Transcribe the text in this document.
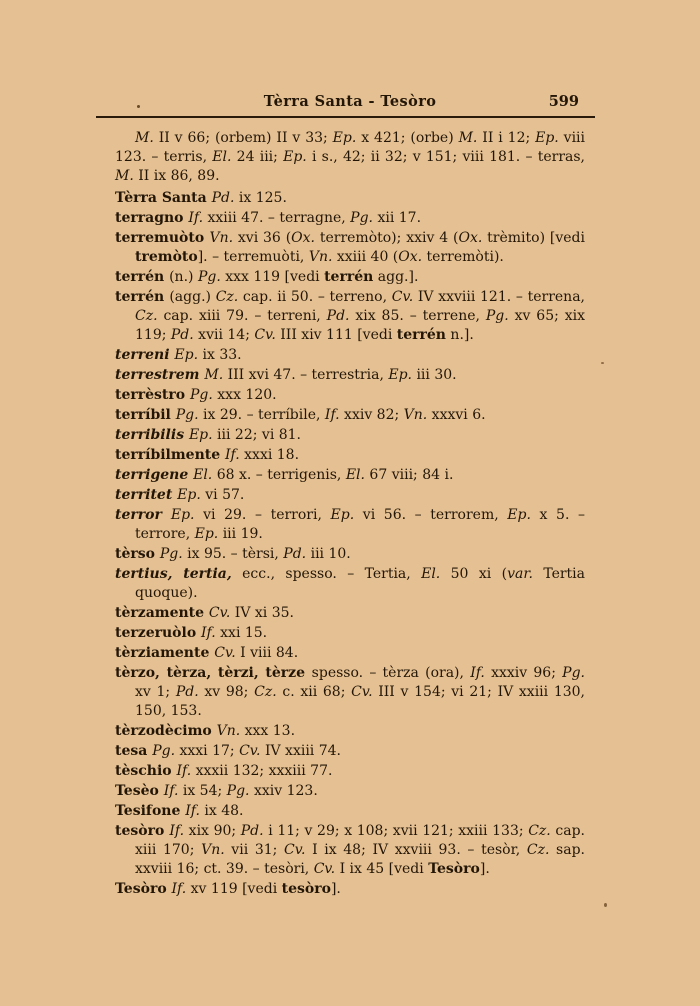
Tèrra Santa - Tesòro	599

M. II v 66; (orbem) II v 33; Ep. x 421; (orbe) M. II i 12; Ep. viii 123. – terris, El. 24 iii; Ep. i s., 42; ii 32; v 151; viii 181. – terras, M. II ix 86, 89.

Tèrra Santa Pd. ix 125.

terragno If. xxiii 47. – terragne, Pg. xii 17.

terremuòto Vn. xvi 36 (Ox. terremòto); xxiv 4 (Ox. trèmito) [vedi tremòto]. – terremuòti, Vn. xxiii 40 (Ox. terremòti).

terrén (n.) Pg. xxx 119 [vedi terrén agg.].

terrén (agg.) Cz. cap. ii 50. – terreno, Cv. IV xxviii 121. – terrena, Cz. cap. xiii 79. – terreni, Pd. xix 85. – terrene, Pg. xv 65; xix 119; Pd. xvii 14; Cv. III xiv 111 [vedi terrén n.].

terreni Ep. ix 33.

terrestrem M. III xvi 47. – terrestria, Ep. iii 30.

terrèstro Pg. xxx 120.

terríbil Pg. ix 29. – terríbile, If. xxiv 82; Vn. xxxvi 6.

terribilis Ep. iii 22; vi 81.

terríbilmente If. xxxi 18.

terrigene El. 68 x. – terrigenis, El. 67 viii; 84 i.

territet Ep. vi 57.

terror Ep. vi 29. – terrori, Ep. vi 56. – terrorem, Ep. x 5. – terrore, Ep. iii 19.

tèrso Pg. ix 95. – tèrsi, Pd. iii 10.

tertius, tertia, ecc., spesso. – Tertia, El. 50 xi (var. Tertia quoque).

tèrzamente Cv. IV xi 35.

terzeruòlo If. xxi 15.

tèrziamente Cv. I viii 84.

tèrzo, tèrza, tèrzi, tèrze spesso. – tèrza (ora), If. xxxiv 96; Pg. xv 1; Pd. xv 98; Cz. c. xii 68; Cv. III v 154; vi 21; IV xxiii 130, 150, 153.

tèrzodècimo Vn. xxx 13.

tesa Pg. xxxi 17; Cv. IV xxiii 74.

tèschio If. xxxii 132; xxxiii 77.

Tesèo If. ix 54; Pg. xxiv 123.

Tesifone If. ix 48.

tesòro If. xix 90; Pd. i 11; v 29; x 108; xvii 121; xxiii 133; Cz. cap. xiii 170; Vn. vii 31; Cv. I ix 48; IV xxviii 93. – tesòr, Cz. sap. xxviii 16; ct. 39. – tesòri, Cv. I ix 45 [vedi Tesòro].

Tesòro If. xv 119 [vedi tesòro].
